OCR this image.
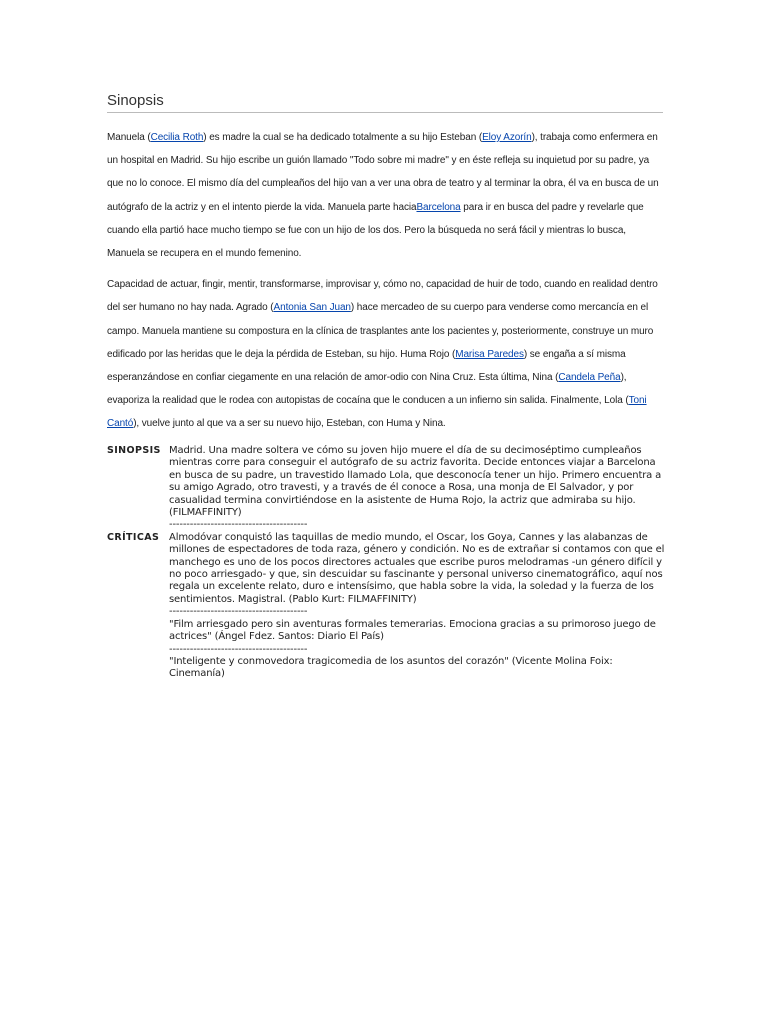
Sinopsis

Manuela (Cecilia Roth) es madre la cual se ha dedicado totalmente a su hijo Esteban (Eloy Azorín), trabaja como enfermera en un hospital en Madrid. Su hijo escribe un guión llamado "Todo sobre mi madre" y en éste refleja su inquietud por su padre, ya que no lo conoce. El mismo día del cumpleaños del hijo van a ver una obra de teatro y al terminar la obra, él va en busca de un autógrafo de la actriz y en el intento pierde la vida. Manuela parte haciaBarcelona para ir en busca del padre y revelarle que cuando ella partió hace mucho tiempo se fue con un hijo de los dos. Pero la búsqueda no será fácil y mientras lo busca, Manuela se recupera en el mundo femenino.

Capacidad de actuar, fingir, mentir, transformarse, improvisar y, cómo no, capacidad de huir de todo, cuando en realidad dentro del ser humano no hay nada. Agrado (Antonia San Juan) hace mercadeo de su cuerpo para venderse como mercancía en el campo. Manuela mantiene su compostura en la clínica de trasplantes ante los pacientes y, posteriormente, construye un muro edificado por las heridas que le deja la pérdida de Esteban, su hijo. Huma Rojo (Marisa Paredes) se engaña a sí misma esperanzándose en confiar ciegamente en una relación de amor-odio con Nina Cruz. Esta última, Nina (Candela Peña), evaporiza la realidad que le rodea con autopistas de cocaína que le conducen a un infierno sin salida. Finalmente, Lola (Toni Cantó), vuelve junto al que va a ser su nuevo hijo, Esteban, con Huma y Nina.

SINOPSIS Madrid. Una madre soltera ve cómo su joven hijo muere el día de su decimoséptimo cumpleaños mientras corre para conseguir el autógrafo de su actriz favorita. Decide entonces viajar a Barcelona en busca de su padre, un travestido llamado Lola, que desconocía tener un hijo. Primero encuentra a su amigo Agrado, otro travesti, y a través de él conoce a Rosa, una monja de El Salvador, y por casualidad termina convirtiéndose en la asistente de Huma Rojo, la actriz que admiraba su hijo. (FILMAFFINITY)
----------------------------------------
CRÍTICAS Almodóvar conquistó las taquillas de medio mundo, el Oscar, los Goya, Cannes y las alabanzas de millones de espectadores de toda raza, género y condición. No es de extrañar si contamos con que el manchego es uno de los pocos directores actuales que escribe puros melodramas -un género difícil y no poco arriesgado- y que, sin descuidar su fascinante y personal universo cinematográfico, aquí nos regala un excelente relato, duro e intensísimo, que habla sobre la vida, la soledad y la fuerza de los sentimientos. Magistral. (Pablo Kurt: FILMAFFINITY)
----------------------------------------
"Film arriesgado pero sin aventuras formales temerarias. Emociona gracias a su primoroso juego de actrices" (Ángel Fdez. Santos: Diario El País)
----------------------------------------
"Inteligente y conmovedora tragicomedia de los asuntos del corazón" (Vicente Molina Foix: Cinemanía)
